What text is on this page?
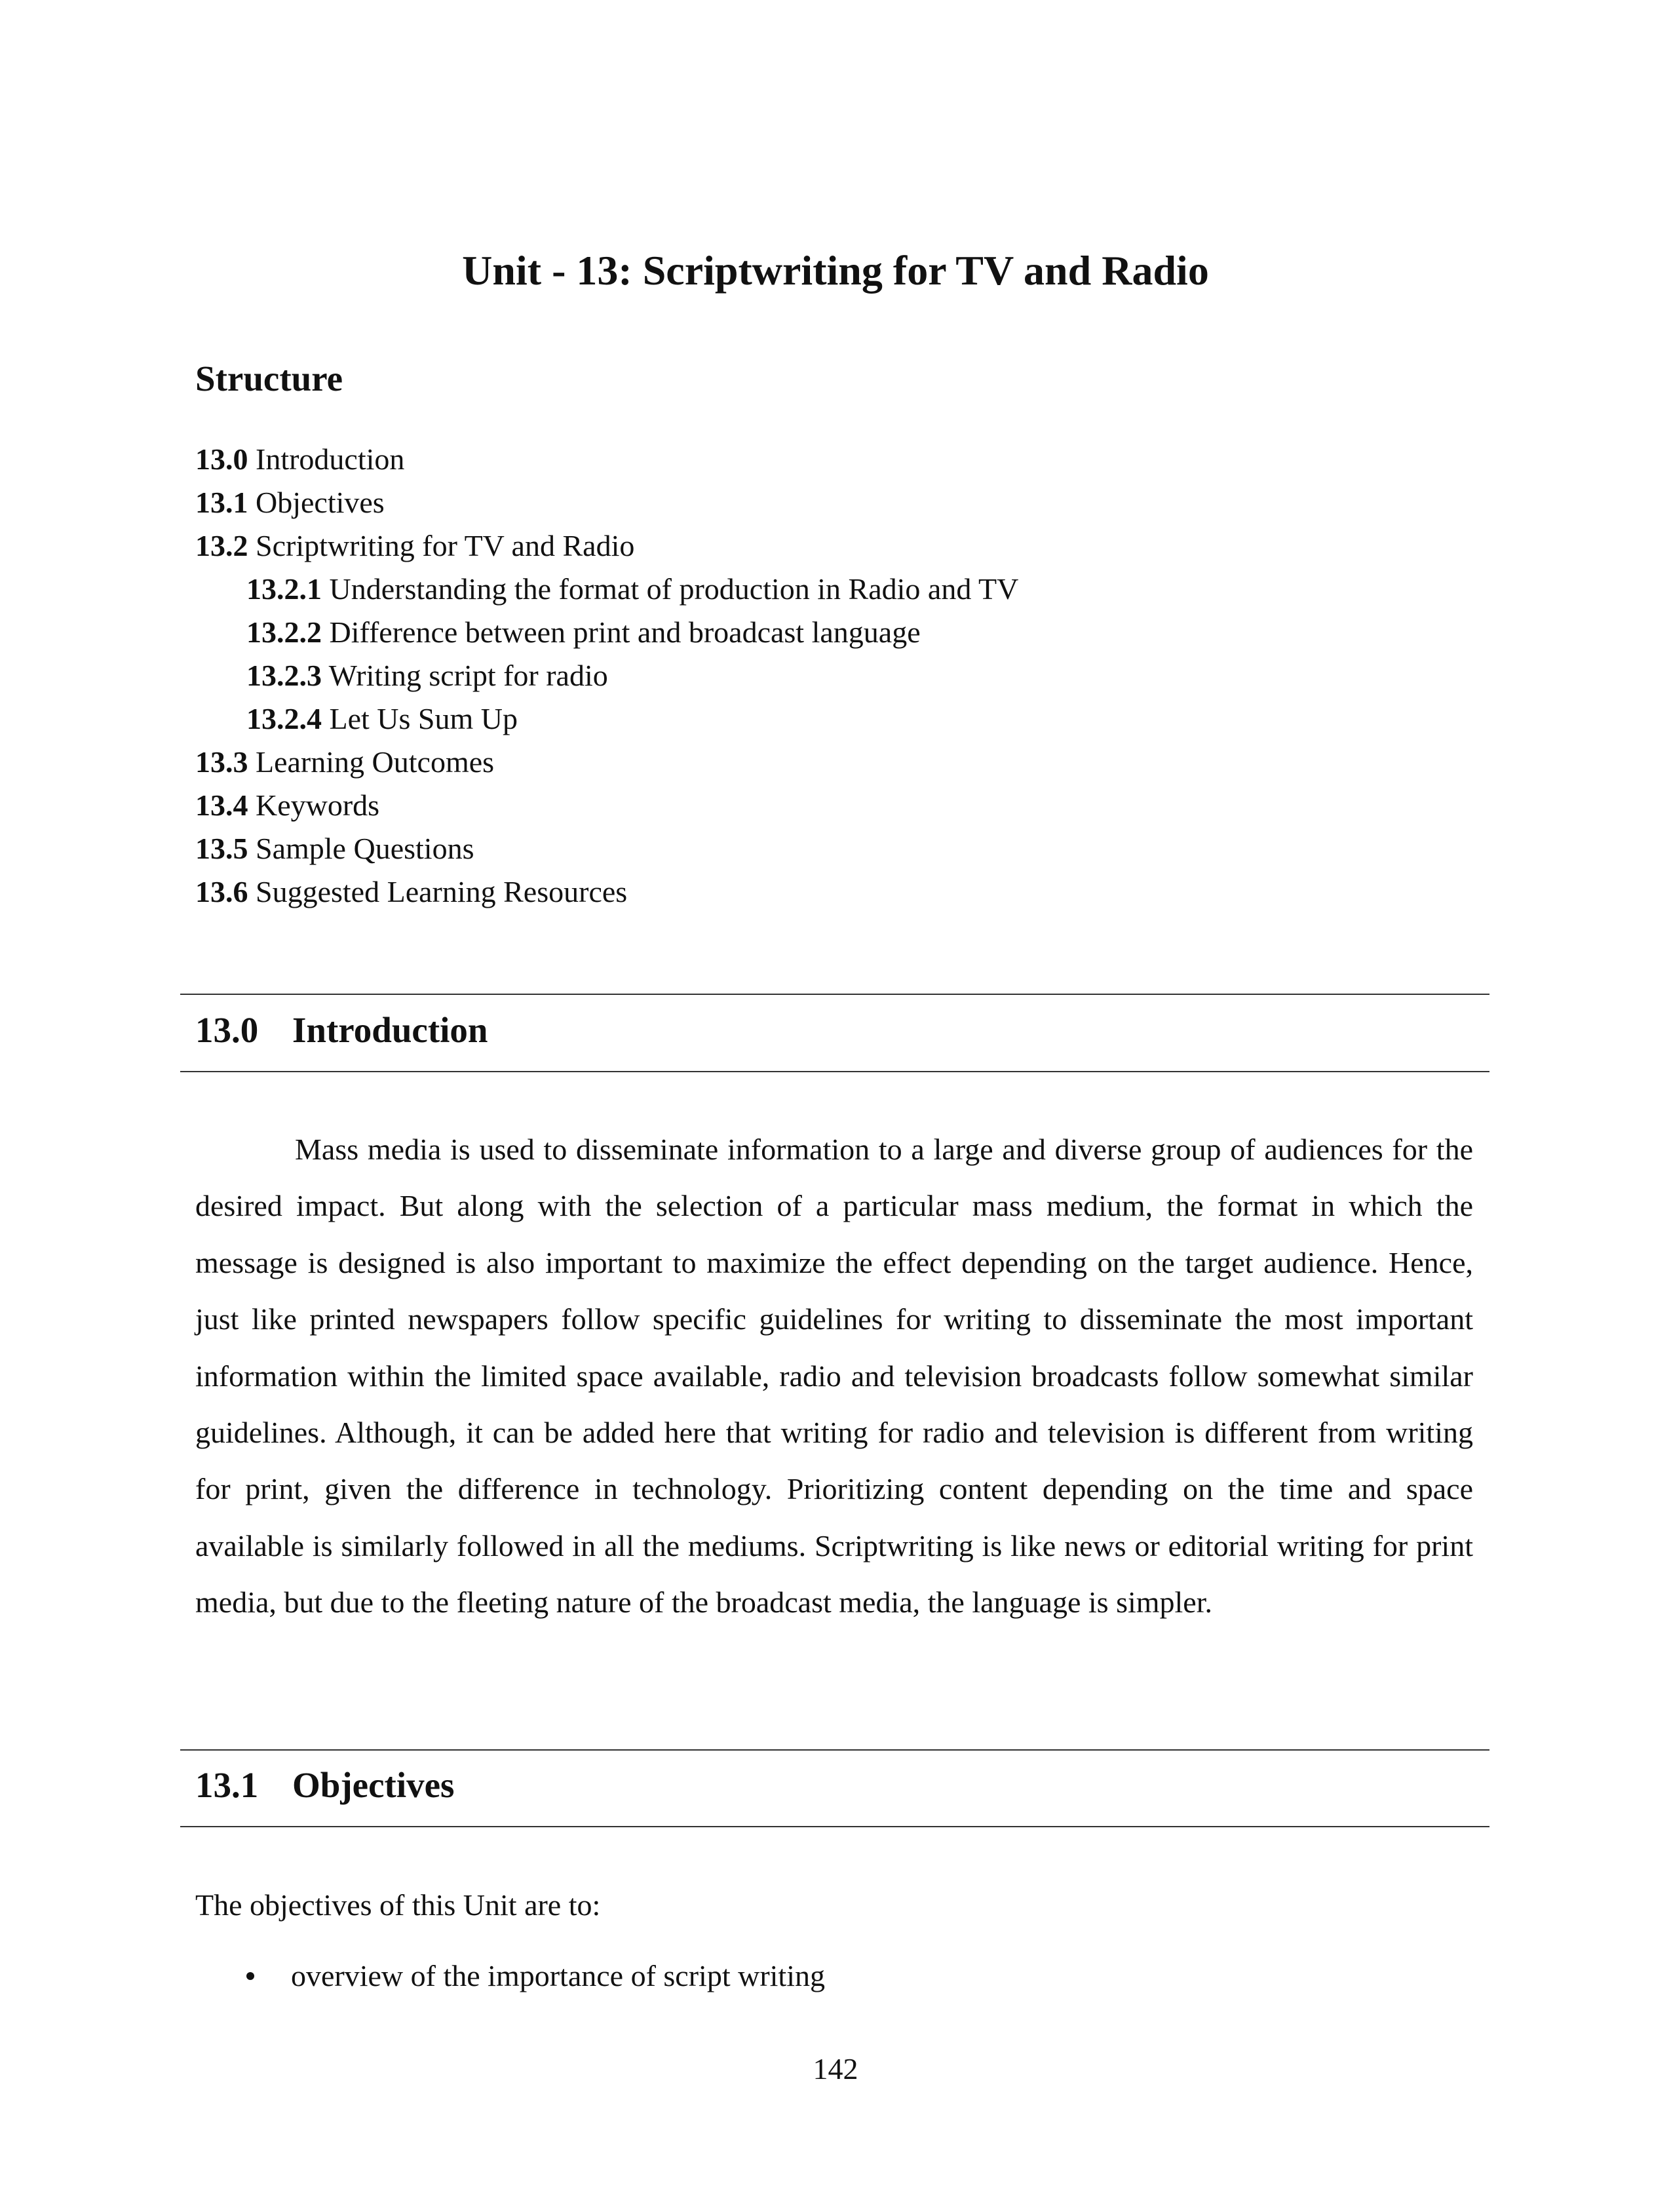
Unit - 13: Scriptwriting for TV and Radio
Structure
13.0 Introduction
13.1 Objectives
13.2 Scriptwriting for TV and Radio
13.2.1 Understanding the format of production in Radio and TV
13.2.2 Difference between print and broadcast language
13.2.3 Writing script for radio
13.2.4 Let Us Sum Up
13.3 Learning Outcomes
13.4 Keywords
13.5 Sample Questions
13.6 Suggested Learning Resources
13.0 Introduction

Mass media is used to disseminate information to a large and diverse group of audiences for the desired impact. But along with the selection of a particular mass medium, the format in which the message is designed is also important to maximize the effect depending on the target audience. Hence, just like printed newspapers follow specific guidelines for writing to disseminate the most important information within the limited space available, radio and television broadcasts follow somewhat similar guidelines. Although, it can be added here that writing for radio and television is different from writing for print, given the difference in technology. Prioritizing content depending on the time and space available is similarly followed in all the mediums. Scriptwriting is like news or editorial writing for print media, but due to the fleeting nature of the broadcast media, the language is simpler.

13.1 Objectives

The objectives of this Unit are to:

overview of the importance of script writing

142
